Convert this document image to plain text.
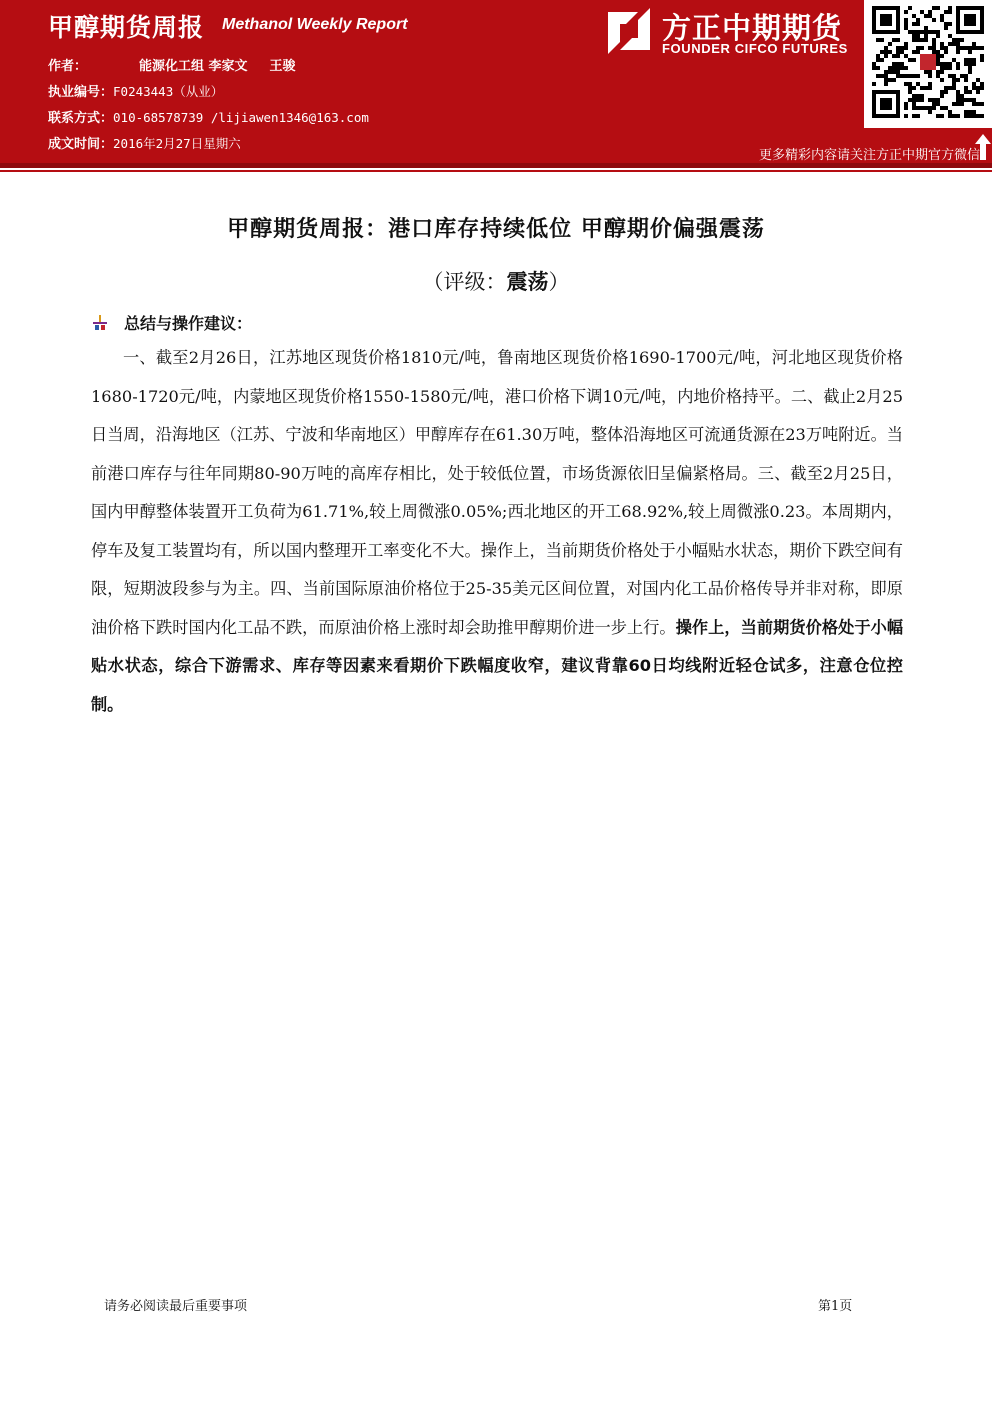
甲醇期货周报 Methanol Weekly Report
作者：	能源化工组 李家文 王骏
执业编号：F0243443（从业）
联系方式：010-68578739 /lijiawen1346@163.com
成文时间：2016年2月27日星期六
方正中期期货
FOUNDER CIFCO FUTURES
更多精彩内容请关注方正中期官方微信
甲醇期货周报：港口库存持续低位 甲醇期价偏强震荡
（评级：震荡）
总结与操作建议：
一、截至2月26日，江苏地区现货价格1810元/吨，鲁南地区现货价格1690-1700元/吨，河北地区现货价格1680-1720元/吨，内蒙地区现货价格1550-1580元/吨，港口价格下调10元/吨，内地价格持平。二、截止2月25日当周，沿海地区（江苏、宁波和华南地区）甲醇库存在61.30万吨，整体沿海地区可流通货源在23万吨附近。当前港口库存与往年同期80-90万吨的高库存相比，处于较低位置，市场货源依旧呈偏紧格局。三、截至2月25日，国内甲醇整体装置开工负荷为61.71%,较上周微涨0.05%;西北地区的开工68.92%,较上周微涨0.23。本周期内，停车及复工装置均有，所以国内整理开工率变化不大。操作上，当前期货价格处于小幅贴水状态，期价下跌空间有限，短期波段参与为主。四、当前国际原油价格位于25-35美元区间位置，对国内化工品价格传导并非对称，即原油价格下跌时国内化工品不跌，而原油价格上涨时却会助推甲醇期价进一步上行。操作上，当前期货价格处于小幅贴水状态，综合下游需求、库存等因素来看期价下跌幅度收窄，建议背靠60日均线附近轻仓试多，注意仓位控制。
请务必阅读最后重要事项	第1页
